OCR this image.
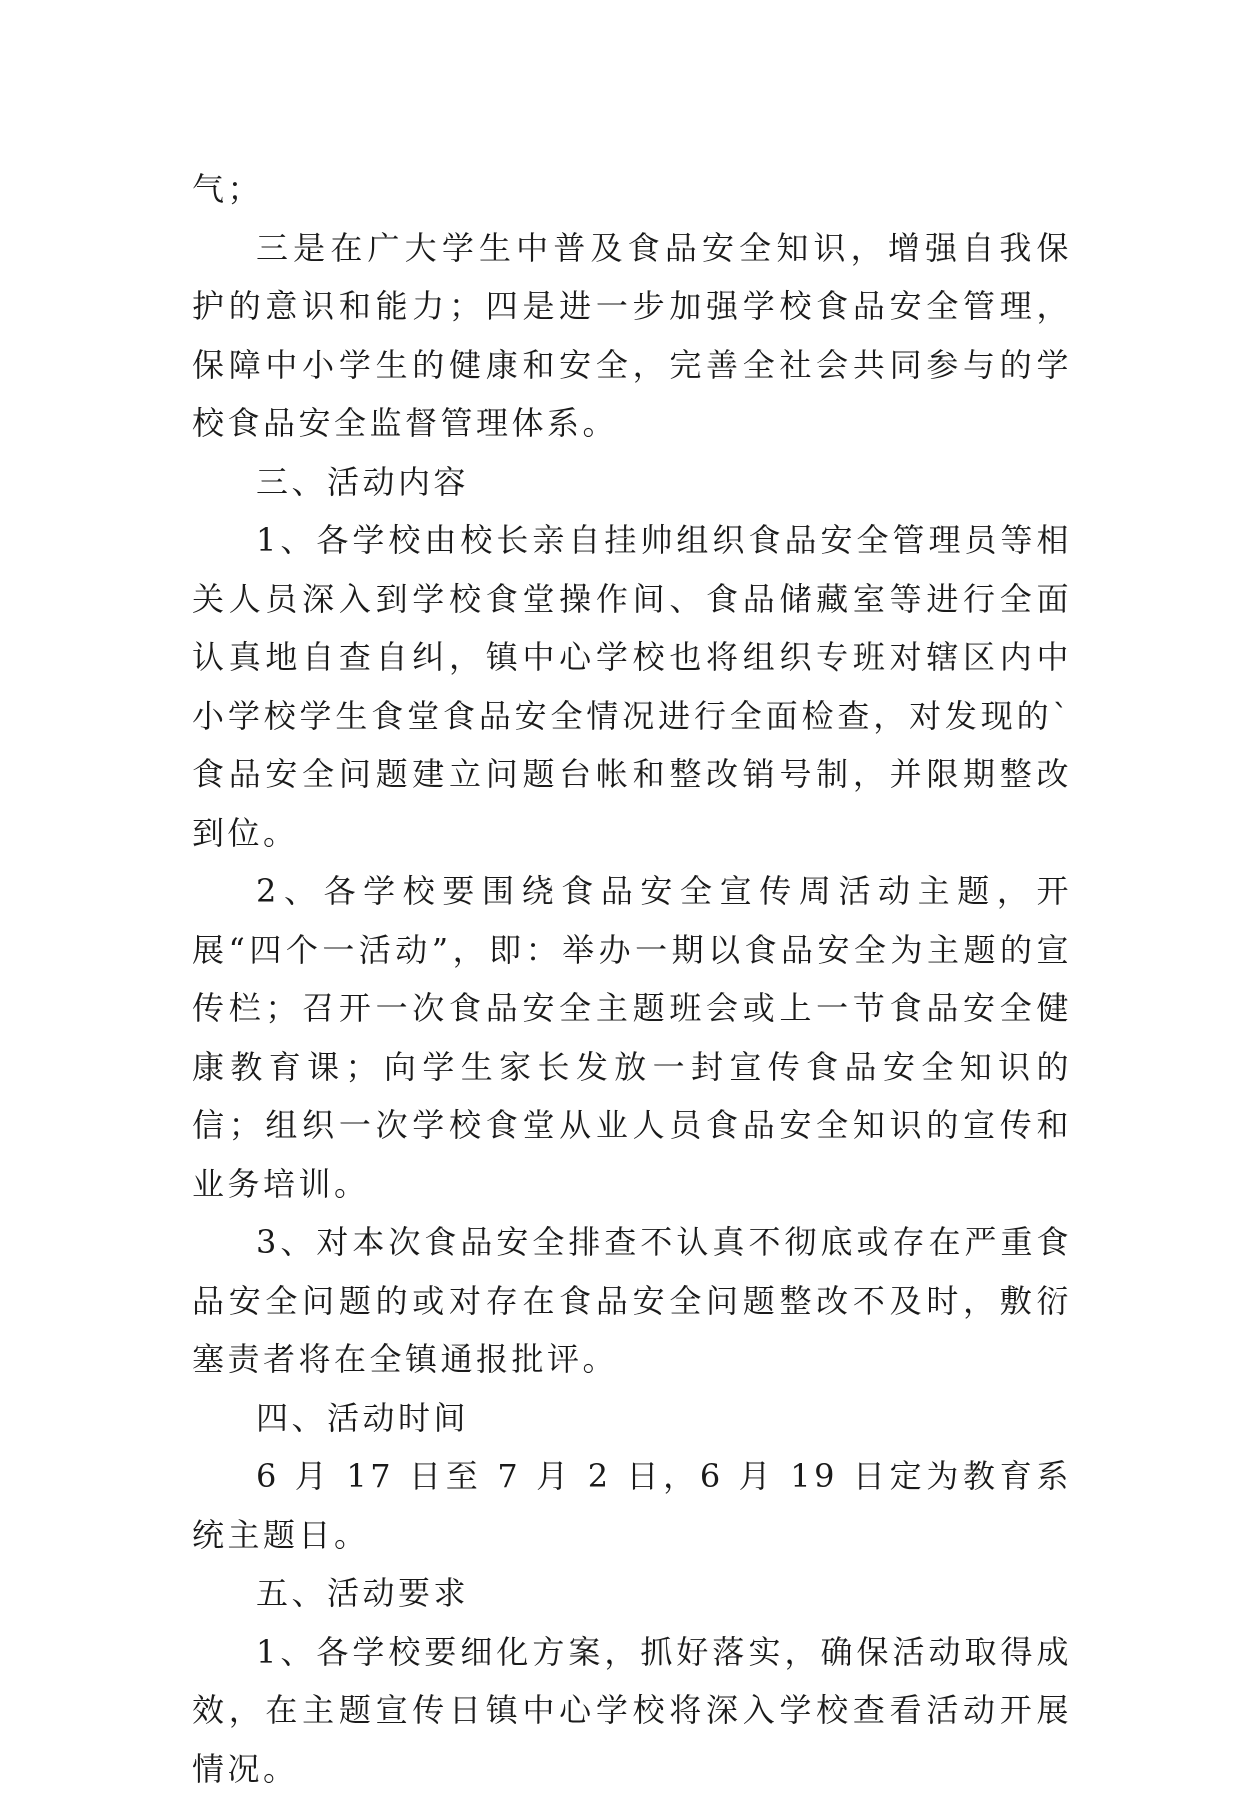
气；

三是在广大学生中普及食品安全知识，增强自我保护的意识和能力；四是进一步加强学校食品安全管理，保障中小学生的健康和安全，完善全社会共同参与的学校食品安全监督管理体系。

三、活动内容

1、各学校由校长亲自挂帅组织食品安全管理员等相关人员深入到学校食堂操作间、食品储藏室等进行全面认真地自查自纠，镇中心学校也将组织专班对辖区内中小学校学生食堂食品安全情况进行全面检查，对发现的`食品安全问题建立问题台帐和整改销号制，并限期整改到位。

2、各学校要围绕食品安全宣传周活动主题，开展“四个一活动”，即：举办一期以食品安全为主题的宣传栏；召开一次食品安全主题班会或上一节食品安全健康教育课；向学生家长发放一封宣传食品安全知识的信；组织一次学校食堂从业人员食品安全知识的宣传和业务培训。

3、对本次食品安全排查不认真不彻底或存在严重食品安全问题的或对存在食品安全问题整改不及时，敷衍塞责者将在全镇通报批评。

四、活动时间

6 月 17 日至 7 月 2 日，6 月 19 日定为教育系统主题日。

五、活动要求

1、各学校要细化方案，抓好落实，确保活动取得成效，在主题宣传日镇中心学校将深入学校查看活动开展情况。
